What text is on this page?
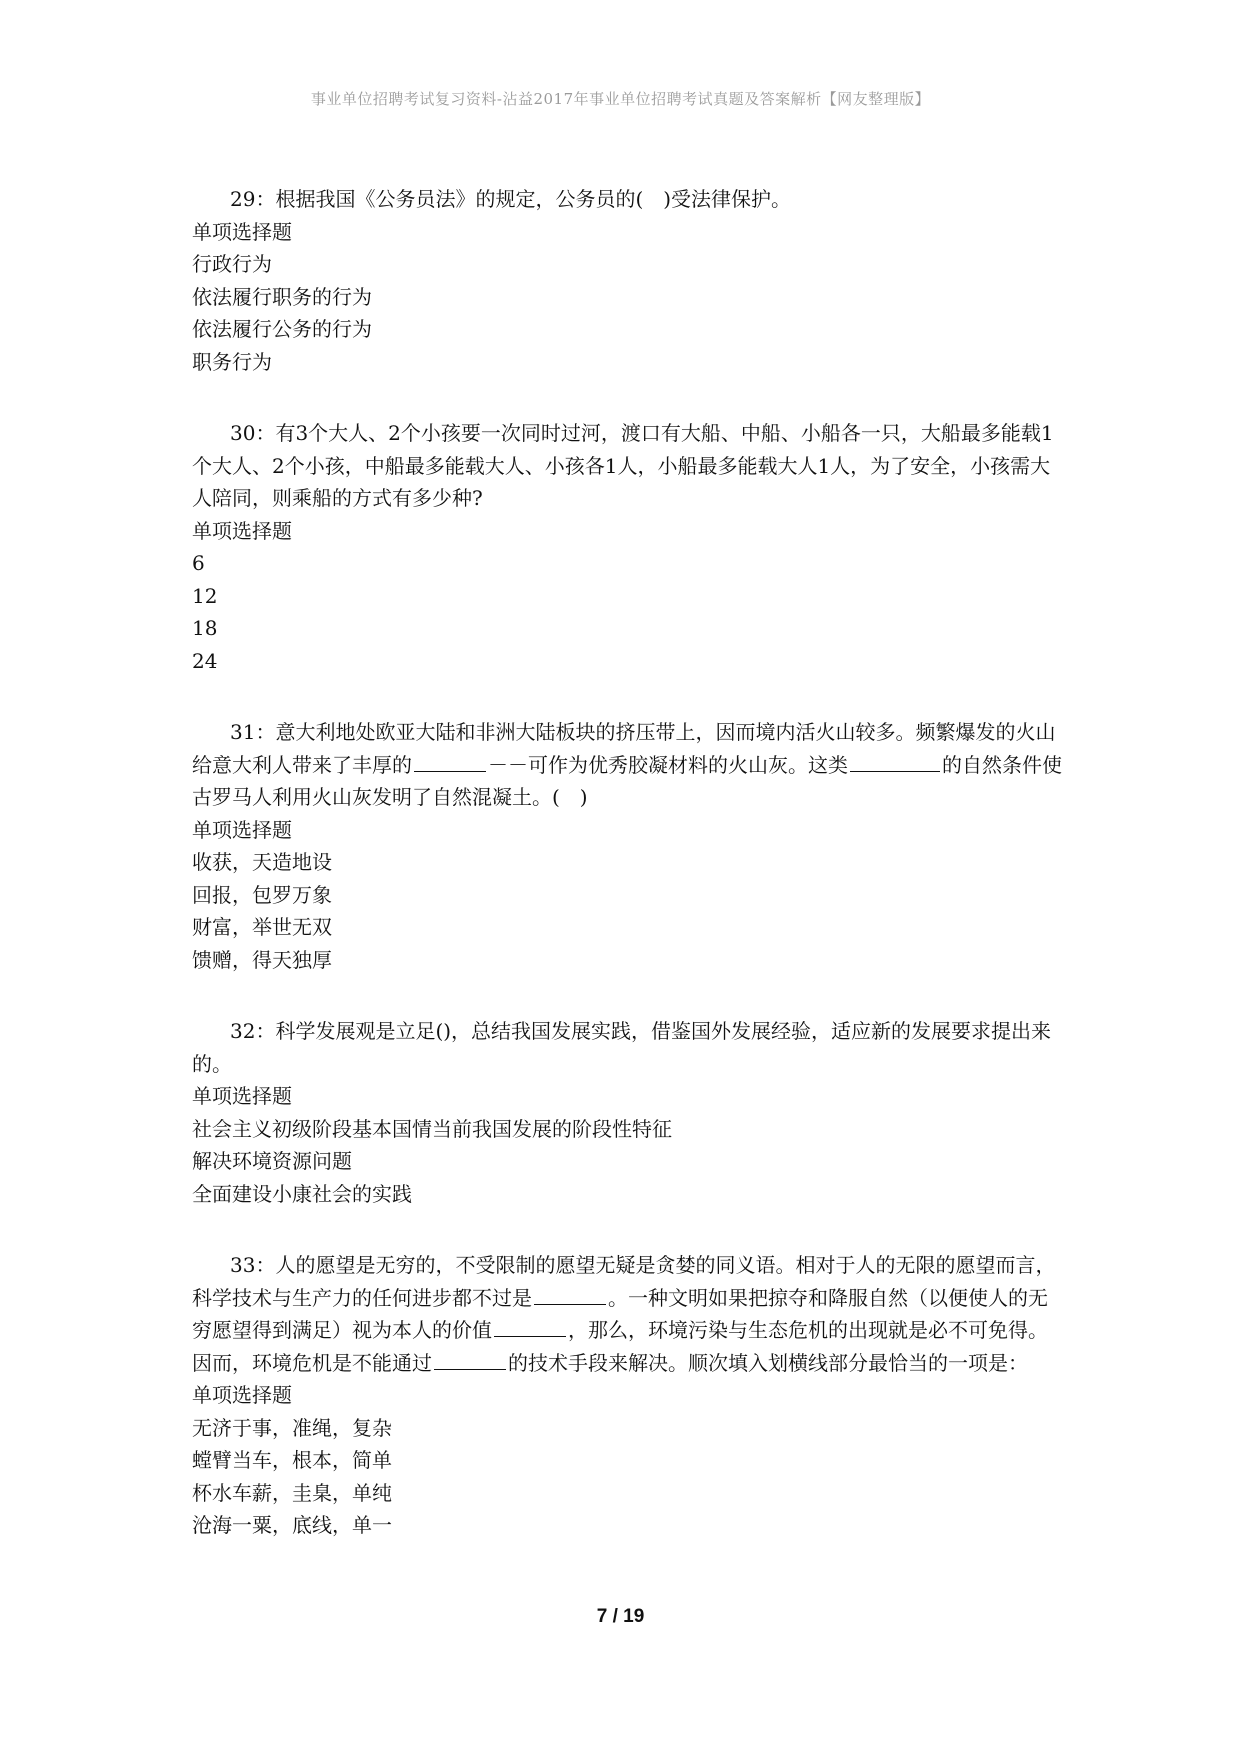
事业单位招聘考试复习资料-沾益2017年事业单位招聘考试真题及答案解析【网友整理版】

29：根据我国《公务员法》的规定，公务员的(　)受法律保护。

单项选择题

行政行为

依法履行职务的行为

依法履行公务的行为

职务行为

30：有3个大人、2个小孩要一次同时过河，渡口有大船、中船、小船各一只，大船最多能载1个大人、2个小孩，中船最多能载大人、小孩各1人，小船最多能载大人1人，为了安全，小孩需大人陪同，则乘船的方式有多少种?

单项选择题

6

12

18

24

31：意大利地处欧亚大陆和非洲大陆板块的挤压带上，因而境内活火山较多。频繁爆发的火山给意大利人带来了丰厚的	－－可作为优秀胶凝材料的火山灰。这类	的自然条件使古罗马人利用火山灰发明了自然混凝土。(　)

单项选择题

收获，天造地设

回报，包罗万象

财富，举世无双

馈赠，得天独厚

32：科学发展观是立足()，总结我国发展实践，借鉴国外发展经验，适应新的发展要求提出来的。

单项选择题

社会主义初级阶段基本国情当前我国发展的阶段性特征

解决环境资源问题

全面建设小康社会的实践

33：人的愿望是无穷的，不受限制的愿望无疑是贪婪的同义语。相对于人的无限的愿望而言，科学技术与生产力的任何进步都不过是	。一种文明如果把掠夺和降服自然（以便使人的无穷愿望得到满足）视为本人的价值	，那么，环境污染与生态危机的出现就是必不可免得。因而，环境危机是不能通过	的技术手段来解决。顺次填入划横线部分最恰当的一项是：

单项选择题

无济于事，准绳，复杂

螳臂当车，根本，简单

杯水车薪，圭臬，单纯

沧海一粟，底线，单一

7 / 19
